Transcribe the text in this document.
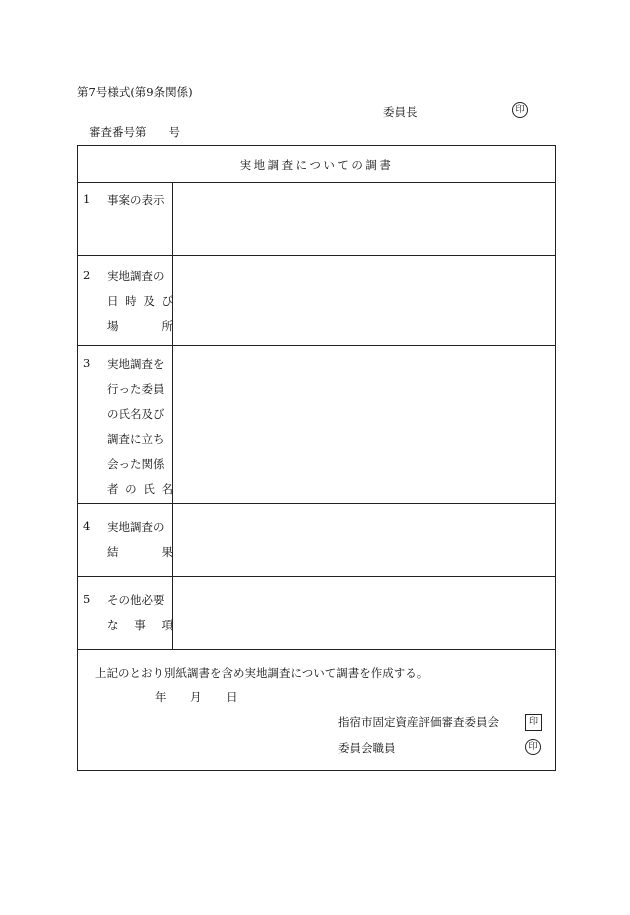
第7号様式(第9条関係)
委員長	印
審査番号第 号
実地調査についての調書
1 事案の表示
2 実地調査の
日時及び
場所
3 実地調査を
行った委員
の氏名及び
調査に立ち
会った関係
者の氏名
4 実地調査の
結果
5 その他必要
な事項
上記のとおり別紙調書を含め実地調査について調書を作成する。
年 月 日
指宿市固定資産評価審査委員会	印
委員会職員	印
